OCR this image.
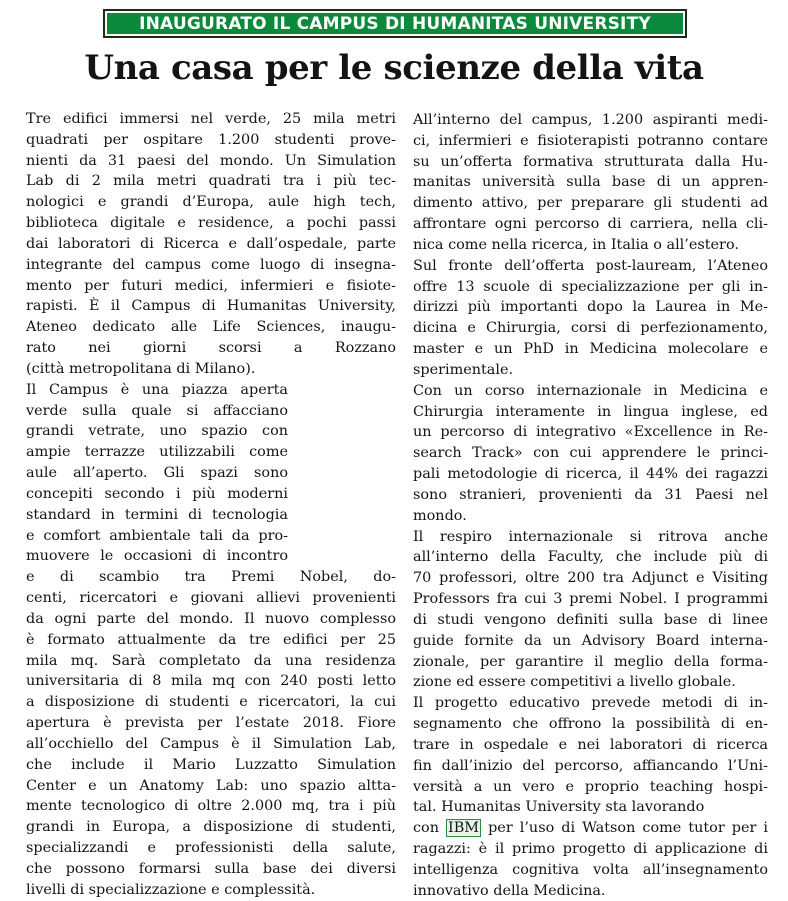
INAUGURATO IL CAMPUS DI HUMANITAS UNIVERSITY
Una casa per le scienze della vita
Tre edifici immersi nel verde, 25 mila metri
quadrati per ospitare 1.200 studenti prove-
nienti da 31 paesi del mondo. Un Simulation
Lab di 2 mila metri quadrati tra i più tec-
nologici e grandi d’Europa, aule high tech,
biblioteca digitale e residence, a pochi passi
dai laboratori di Ricerca e dall’ospedale, parte
integrante del campus come luogo di insegna-
mento per futuri medici, infermieri e fisiote-
rapisti. È il Campus di Humanitas University,
Ateneo dedicato alle Life Sciences, inaugu-
rato nei giorni scorsi a Rozzano
(città metropolitana di Milano).
Il Campus è una piazza aperta
verde sulla quale si affacciano
grandi vetrate, uno spazio con
ampie terrazze utilizzabili come
aule all’aperto. Gli spazi sono
concepiti secondo i più moderni
standard in termini di tecnologia
e comfort ambientale tali da pro-
muovere le occasioni di incontro
e di scambio tra Premi Nobel, do-
centi, ricercatori e giovani allievi provenienti
da ogni parte del mondo. Il nuovo complesso
è formato attualmente da tre edifici per 25
mila mq. Sarà completato da una residenza
universitaria di 8 mila mq con 240 posti letto
a disposizione di studenti e ricercatori, la cui
apertura è prevista per l’estate 2018. Fiore
all’occhiello del Campus è il Simulation Lab,
che include il Mario Luzzatto Simulation
Center e un Anatomy Lab: uno spazio altta-
mente tecnologico di oltre 2.000 mq, tra i più
grandi in Europa, a disposizione di studenti,
specializzandi e professionisti della salute,
che possono formarsi sulla base dei diversi
livelli di specializzazione e complessità.
All’interno del campus, 1.200 aspiranti medi-
ci, infermieri e fisioterapisti potranno contare
su un’offerta formativa strutturata dalla Hu-
manitas università sulla base di un appren-
dimento attivo, per preparare gli studenti ad
affrontare ogni percorso di carriera, nella cli-
nica come nella ricerca, in Italia o all’estero.
Sul fronte dell’offerta post-lauream, l’Ateneo
offre 13 scuole di specializzazione per gli in-
dirizzi più importanti dopo la Laurea in Me-
dicina e Chirurgia, corsi di perfezionamento,
master e un PhD in Medicina molecolare e
sperimentale.
Con un corso internazionale in Medicina e
Chirurgia interamente in lingua inglese, ed
un percorso di integrativo «Excellence in Re-
search Track» con cui apprendere le princi-
pali metodologie di ricerca, il 44% dei ragazzi
sono stranieri, provenienti da 31 Paesi nel
mondo.
Il respiro internazionale si ritrova anche
all’interno della Faculty, che include più di
70 professori, oltre 200 tra Adjunct e Visiting
Professors fra cui 3 premi Nobel. I programmi
di studi vengono definiti sulla base di linee
guide fornite da un Advisory Board interna-
zionale, per garantire il meglio della forma-
zione ed essere competitivi a livello globale.
Il progetto educativo prevede metodi di in-
segnamento che offrono la possibilità di en-
trare in ospedale e nei laboratori di ricerca
fin dall’inizio del percorso, affiancando l’Uni-
versità a un vero e proprio teaching hospi-
tal. Humanitas University sta lavorando
con IBM per l’uso di Watson come tutor per i
ragazzi: è il primo progetto di applicazione di
intelligenza cognitiva volta all’insegnamento
innovativo della Medicina.
